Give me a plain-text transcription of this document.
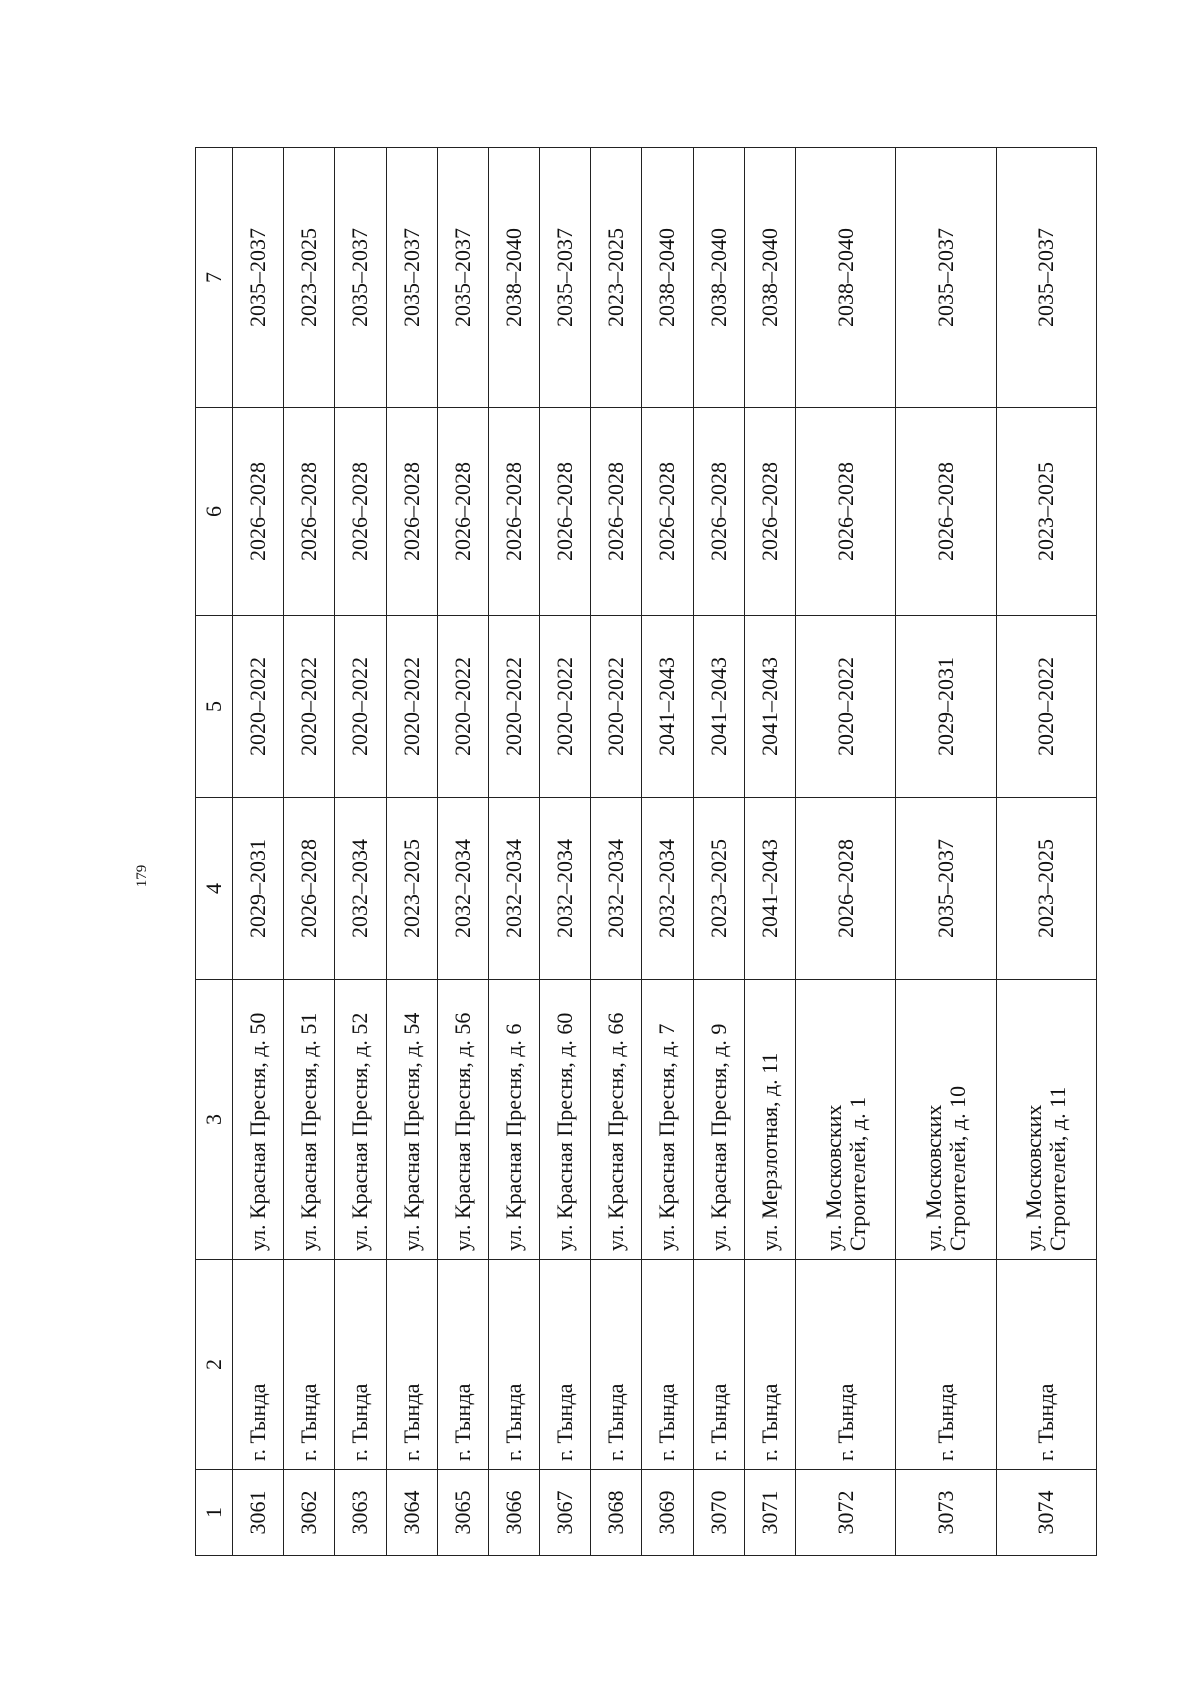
179
1	2	3	4	5	6	7
3061	г. Тында	ул. Красная Пресня, д. 50	2029–2031	2020–2022	2026–2028	2035–2037
3062	г. Тында	ул. Красная Пресня, д. 51	2026–2028	2020–2022	2026–2028	2023–2025
3063	г. Тында	ул. Красная Пресня, д. 52	2032–2034	2020–2022	2026–2028	2035–2037
3064	г. Тында	ул. Красная Пресня, д. 54	2023–2025	2020–2022	2026–2028	2035–2037
3065	г. Тында	ул. Красная Пресня, д. 56	2032–2034	2020–2022	2026–2028	2035–2037
3066	г. Тында	ул. Красная Пресня, д. 6	2032–2034	2020–2022	2026–2028	2038–2040
3067	г. Тында	ул. Красная Пресня, д. 60	2032–2034	2020–2022	2026–2028	2035–2037
3068	г. Тында	ул. Красная Пресня, д. 66	2032–2034	2020–2022	2026–2028	2023–2025
3069	г. Тында	ул. Красная Пресня, д. 7	2032–2034	2041–2043	2026–2028	2038–2040
3070	г. Тында	ул. Красная Пресня, д. 9	2023–2025	2041–2043	2026–2028	2038–2040
3071	г. Тында	ул. Мерзлотная, д. 11	2041–2043	2041–2043	2026–2028	2038–2040
3072	г. Тында	ул. Московских Строителей, д. 1	2026–2028	2020–2022	2026–2028	2038–2040
3073	г. Тында	ул. Московских Строителей, д. 10	2035–2037	2029–2031	2026–2028	2035–2037
3074	г. Тында	ул. Московских Строителей, д. 11	2023–2025	2020–2022	2023–2025	2035–2037
